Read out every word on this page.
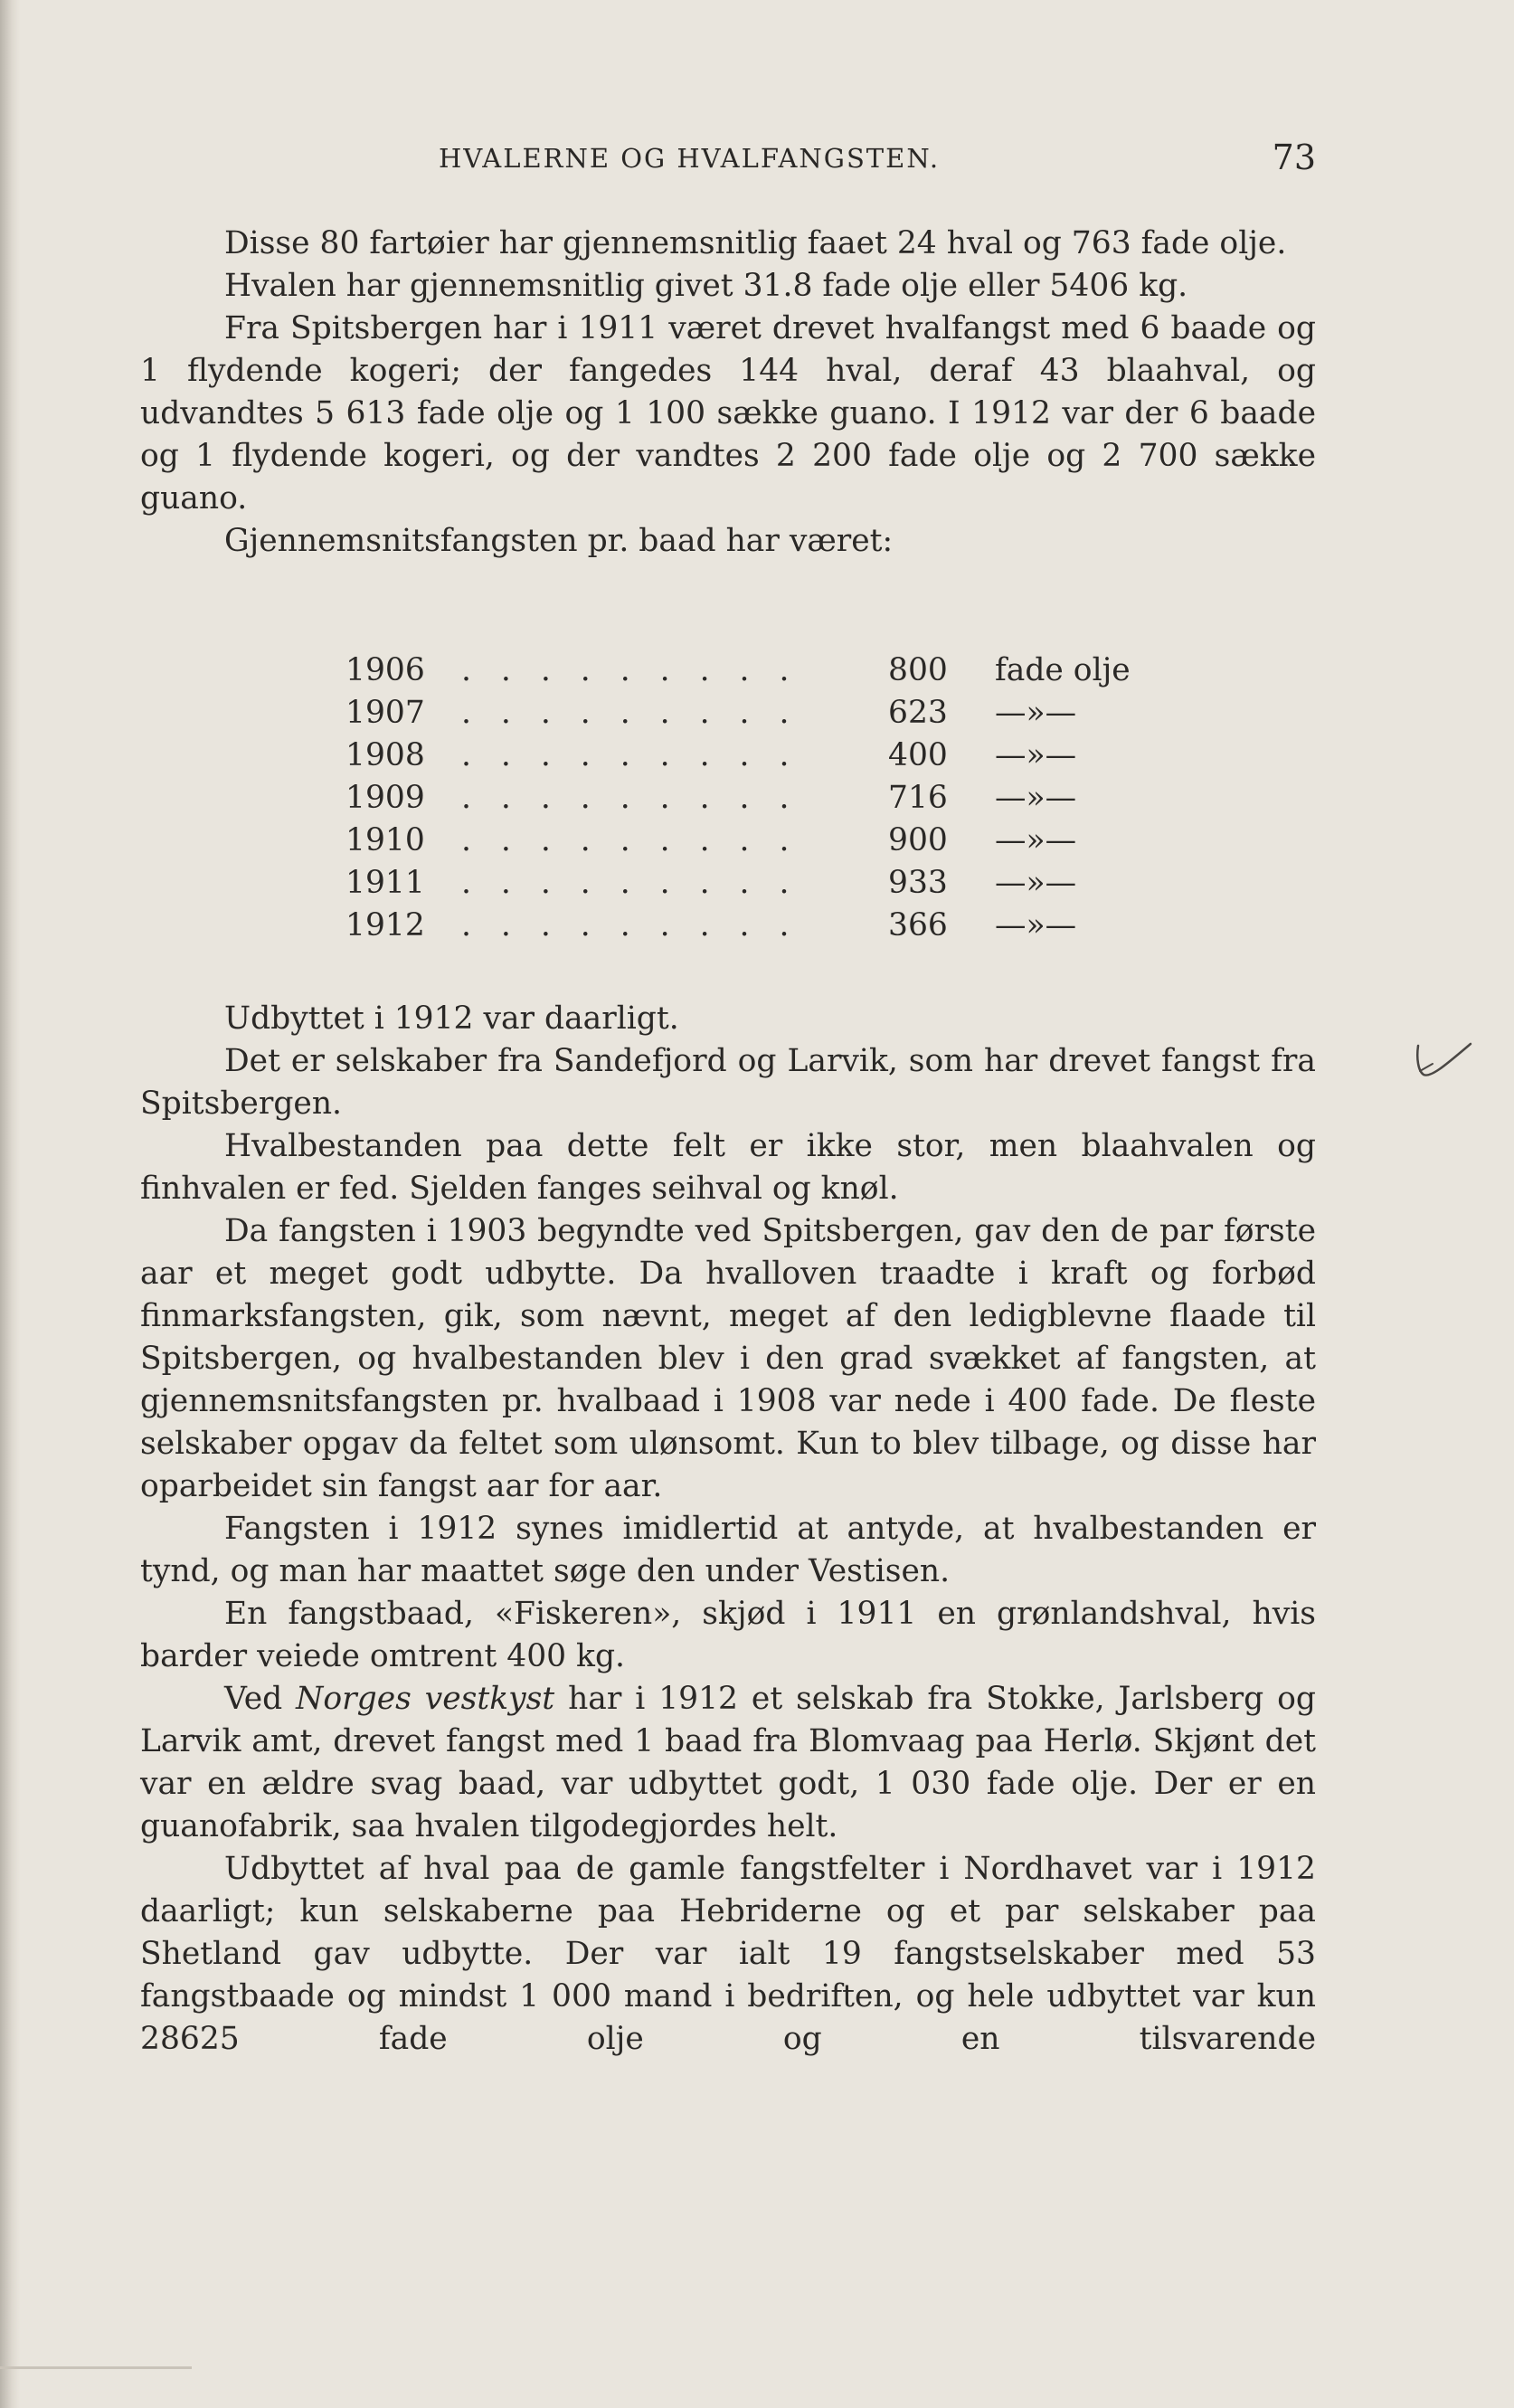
HVALERNE OG HVALFANGSTEN.	73

Disse 80 fartøier har gjennemsnitlig faaet 24 hval og 763 fade olje.

Hvalen har gjennemsnitlig givet 31.8 fade olje eller 5406 kg.

Fra Spitsbergen har i 1911 været drevet hvalfangst med 6 baade og 1 flydende kogeri; der fangedes 144 hval, deraf 43 blaahval, og udvandtes 5 613 fade olje og 1 100 sække guano. I 1912 var der 6 baade og 1 flydende kogeri, og der vandtes 2 200 fade olje og 2 700 sække guano.

Gjennemsnitsfangsten pr. baad har været:

1906 . . . . . . . . .	800 fade olje
1907 . . . . . . . . .	623 —»—
1908 . . . . . . . . .	400 —»—
1909 . . . . . . . . .	716 —»—
1910 . . . . . . . . .	900 —»—
1911 . . . . . . . . .	933 —»—
1912 . . . . . . . . .	366 —»—

Udbyttet i 1912 var daarligt.

Det er selskaber fra Sandefjord og Larvik, som har drevet fangst fra Spitsbergen.

Hvalbestanden paa dette felt er ikke stor, men blaahvalen og finhvalen er fed. Sjelden fanges seihval og knøl.

Da fangsten i 1903 begyndte ved Spitsbergen, gav den de par første aar et meget godt udbytte. Da hvalloven traadte i kraft og forbød finmarksfangsten, gik, som nævnt, meget af den ledigblevne flaade til Spitsbergen, og hvalbestanden blev i den grad svækket af fangsten, at gjennemsnitsfangsten pr. hvalbaad i 1908 var nede i 400 fade. De fleste selskaber opgav da feltet som ulønsomt. Kun to blev tilbage, og disse har oparbeidet sin fangst aar for aar.

Fangsten i 1912 synes imidlertid at antyde, at hvalbestanden er tynd, og man har maattet søge den under Vestisen.

En fangstbaad, «Fiskeren», skjød i 1911 en grønlandshval, hvis barder veiede omtrent 400 kg.

Ved Norges vestkyst har i 1912 et selskab fra Stokke, Jarlsberg og Larvik amt, drevet fangst med 1 baad fra Blomvaag paa Herlø. Skjønt det var en ældre svag baad, var udbyttet godt, 1 030 fade olje. Der er en guanofabrik, saa hvalen tilgodegjordes helt.

Udbyttet af hval paa de gamle fangstfelter i Nordhavet var i 1912 daarligt; kun selskaberne paa Hebriderne og et par selskaber paa Shetland gav udbytte. Der var ialt 19 fangstselskaber med 53 fangstbaade og mindst 1 000 mand i bedriften, og hele udbyttet var kun 28625 fade olje og en tilsvarende
